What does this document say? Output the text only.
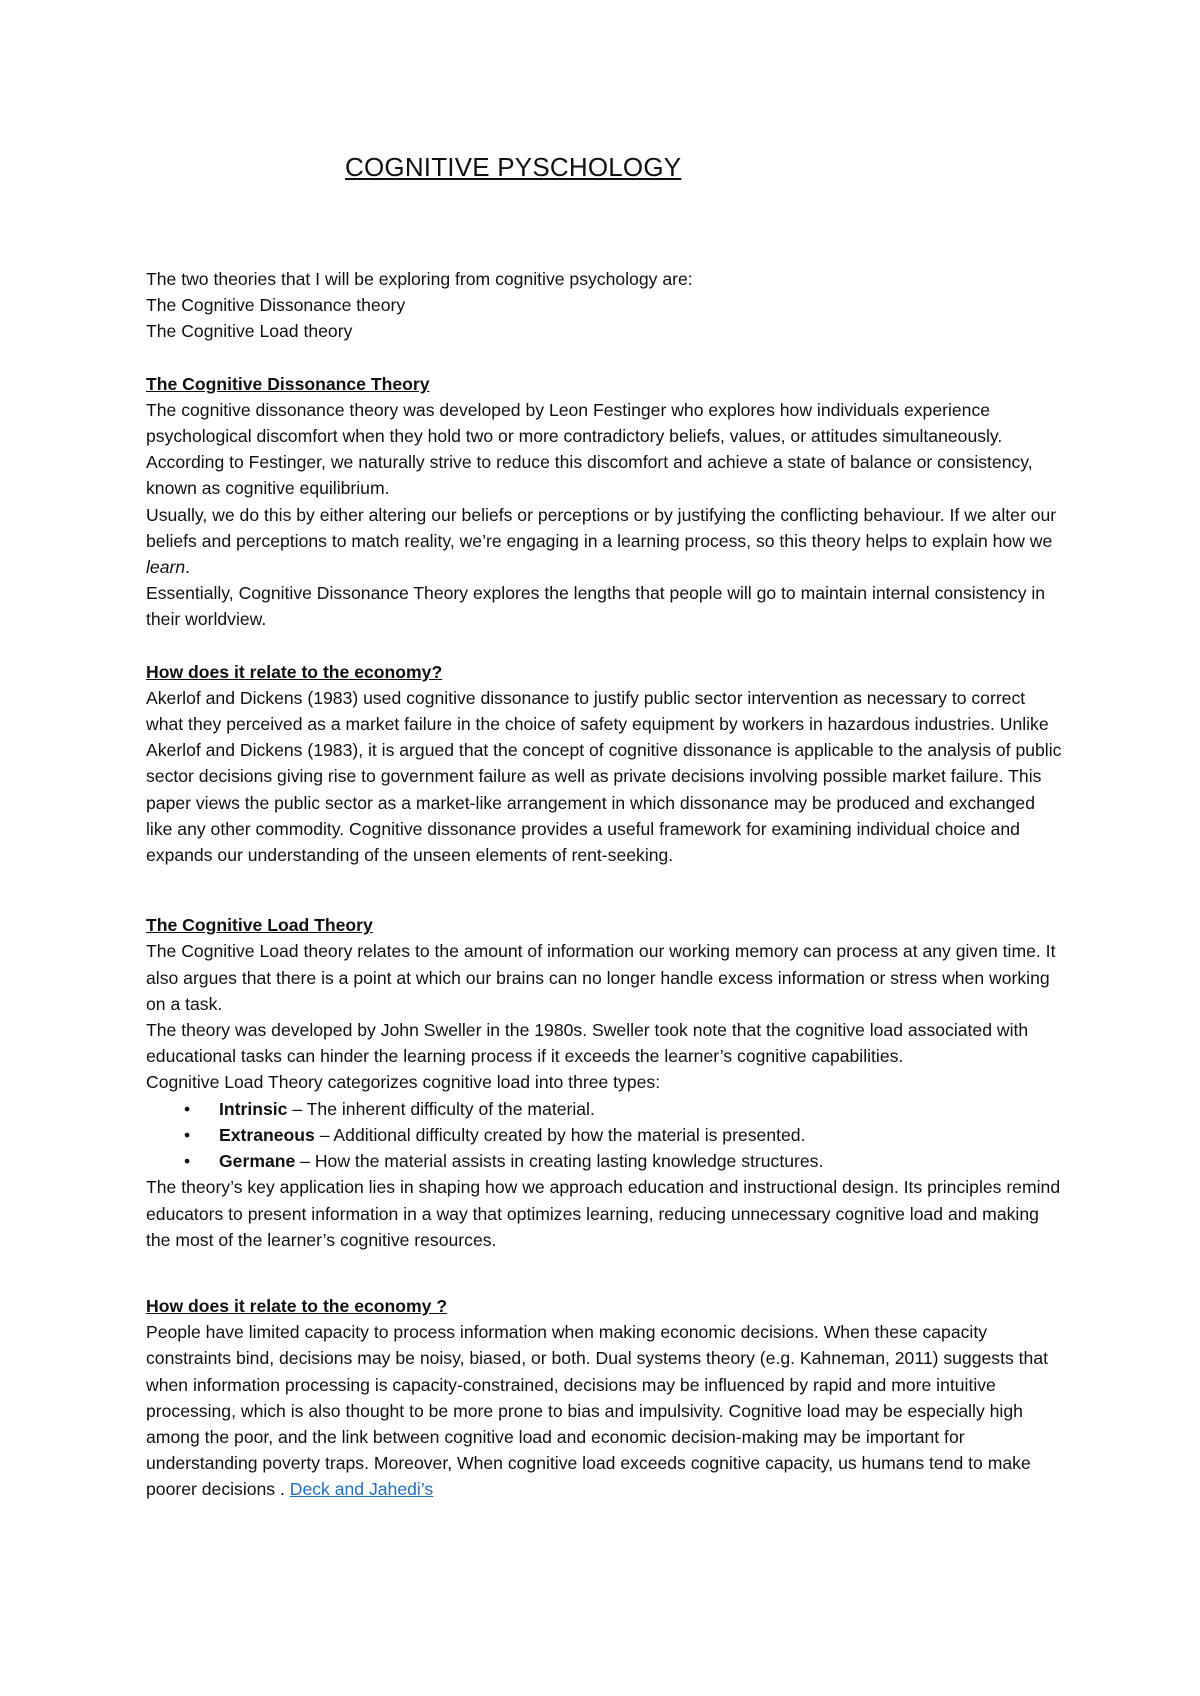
COGNITIVE PYSCHOLOGY

The two theories that I will be exploring from cognitive psychology are:

The Cognitive Dissonance theory

The Cognitive Load theory

The Cognitive Dissonance Theory

The cognitive dissonance theory was developed by Leon Festinger who explores how individuals experience psychological discomfort when they hold two or more contradictory beliefs, values, or attitudes simultaneously. According to Festinger, we naturally strive to reduce this discomfort and achieve a state of balance or consistency, known as cognitive equilibrium.

Usually, we do this by either altering our beliefs or perceptions or by justifying the conflicting behaviour. If we alter our beliefs and perceptions to match reality, we’re engaging in a learning process, so this theory helps to explain how we learn.

Essentially, Cognitive Dissonance Theory explores the lengths that people will go to maintain internal consistency in their worldview.

How does it relate to the economy?

Akerlof and Dickens (1983) used cognitive dissonance to justify public sector intervention as necessary to correct what they perceived as a market failure in the choice of safety equipment by workers in hazardous industries. Unlike Akerlof and Dickens (1983), it is argued that the concept of cognitive dissonance is applicable to the analysis of public sector decisions giving rise to government failure as well as private decisions involving possible market failure. This paper views the public sector as a market-like arrangement in which dissonance may be produced and exchanged like any other commodity. Cognitive dissonance provides a useful framework for examining individual choice and expands our understanding of the unseen elements of rent-seeking.

The Cognitive Load Theory

The Cognitive Load theory relates to the amount of information our working memory can process at any given time. It also argues that there is a point at which our brains can no longer handle excess information or stress when working on a task.

The theory was developed by John Sweller in the 1980s. Sweller took note that the cognitive load associated with educational tasks can hinder the learning process if it exceeds the learner’s cognitive capabilities.

Cognitive Load Theory categorizes cognitive load into three types:

• Intrinsic – The inherent difficulty of the material.
• Extraneous – Additional difficulty created by how the material is presented.
• Germane – How the material assists in creating lasting knowledge structures.

The theory’s key application lies in shaping how we approach education and instructional design. Its principles remind educators to present information in a way that optimizes learning, reducing unnecessary cognitive load and making the most of the learner’s cognitive resources.

How does it relate to the economy ?

People have limited capacity to process information when making economic decisions. When these capacity constraints bind, decisions may be noisy, biased, or both. Dual systems theory (e.g. Kahneman, 2011) suggests that when information processing is capacity-constrained, decisions may be influenced by rapid and more intuitive processing, which is also thought to be more prone to bias and impulsivity. Cognitive load may be especially high among the poor, and the link between cognitive load and economic decision-making may be important for understanding poverty traps. Moreover, When cognitive load exceeds cognitive capacity, us humans tend to make poorer decisions . Deck and Jahedi’s
